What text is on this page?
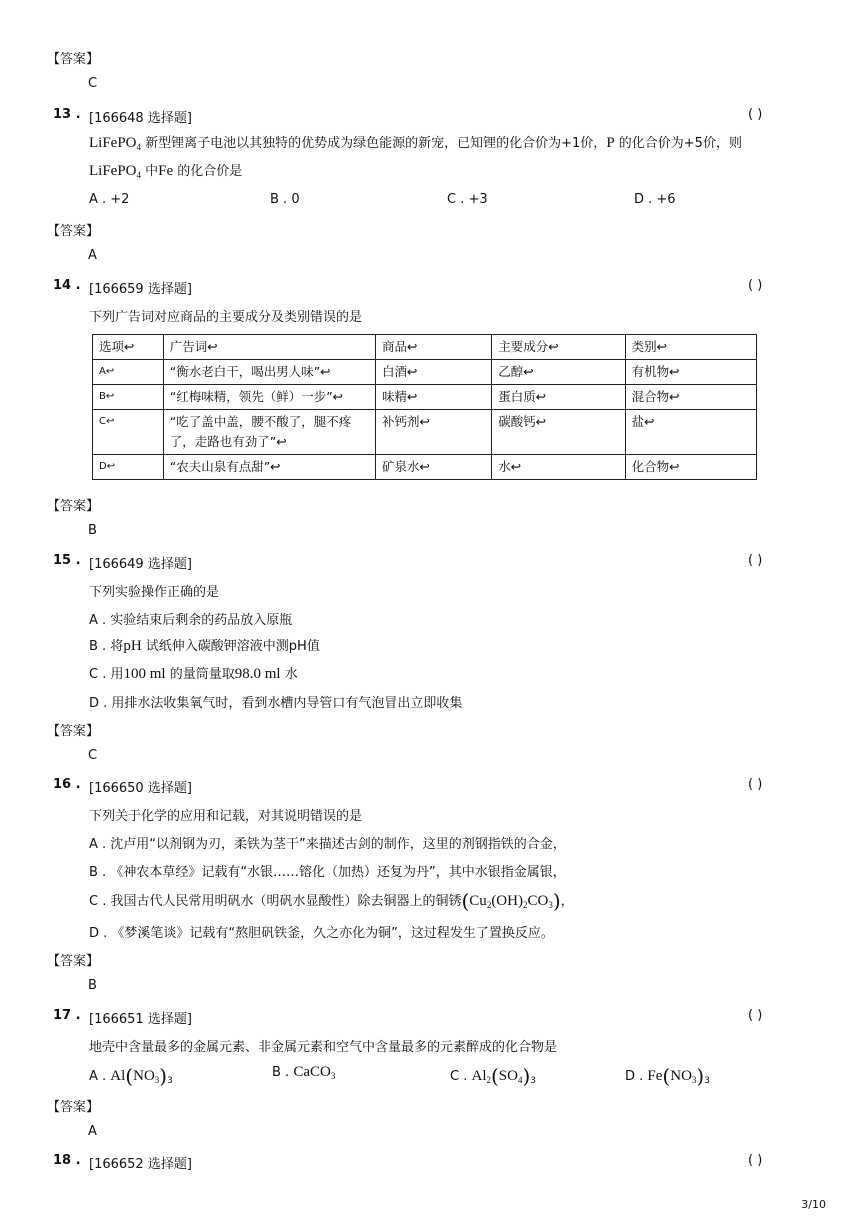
【答案】
C
13 . [166648 选择题]	( )
LiFePO$_4$ 新型锂离子电池以其独特的优势成为绿色能源的新宠，已知锂的化合价为+1价，P 的化合价为+5价，则
LiFePO$_4$ 中Fe 的化合价是
A . +2	B . 0	C . +3	D . +6
【答案】
A
14 . [166659 选择题]	( )
下列广告词对应商品的主要成分及类别错误的是
选项↩	广告词↩	商品↩	主要成分↩	类别↩
A↩	“衡水老白干，喝出男人味”↩	白酒↩	乙醇↩	有机物↩
B↩	“红梅味精，领先（鲜）一步”↩	味精↩	蛋白质↩	混合物↩
C↩	“吃了盖中盖，腰不酸了，腿不疼了，走路也有劲了”↩	补钙剂↩	碳酸钙↩	盐↩
D↩	“农夫山泉有点甜”↩	矿泉水↩	水↩	化合物↩
【答案】
B
15 . [166649 选择题]	( )
下列实验操作正确的是
A . 实验结束后剩余的药品放入原瓶
B . 将pH 试纸伸入碳酸钾溶液中测pH值
C . 用100 ml 的量筒量取98.0 ml 水
D . 用排水法收集氧气时，看到水槽内导管口有气泡冒出立即收集
【答案】
C
16 . [166650 选择题]	( )
下列关于化学的应用和记载，对其说明错误的是
A . 沈卢用“以剂钢为刃，柔铁为茎干”来描述古剑的制作，这里的剂钢指铁的合金，
B . 《神农本草经》记载有“水银……镕化（加热）还复为丹”，其中水银指金属银，
C . 我国古代人民常用明矾水（明矾水显酸性）除去铜器上的铜锈$(Cu_2(OH)_2CO_3)$，
D . 《梦溪笔谈》记载有“熬胆矾铁釜，久之亦化为铜”，这过程发生了置换反应。
【答案】
B
17 . [166651 选择题]	( )
地壳中含量最多的金属元素、非金属元素和空气中含量最多的元素醉成的化合物是
A . $Al(NO_3)_3$
B . CaCO$_3$	C . $Al_2(SO_4)_3$	D . $Fe(NO_3)_3$
【答案】
A
18 . [166652 选择题]	( )
3/10
